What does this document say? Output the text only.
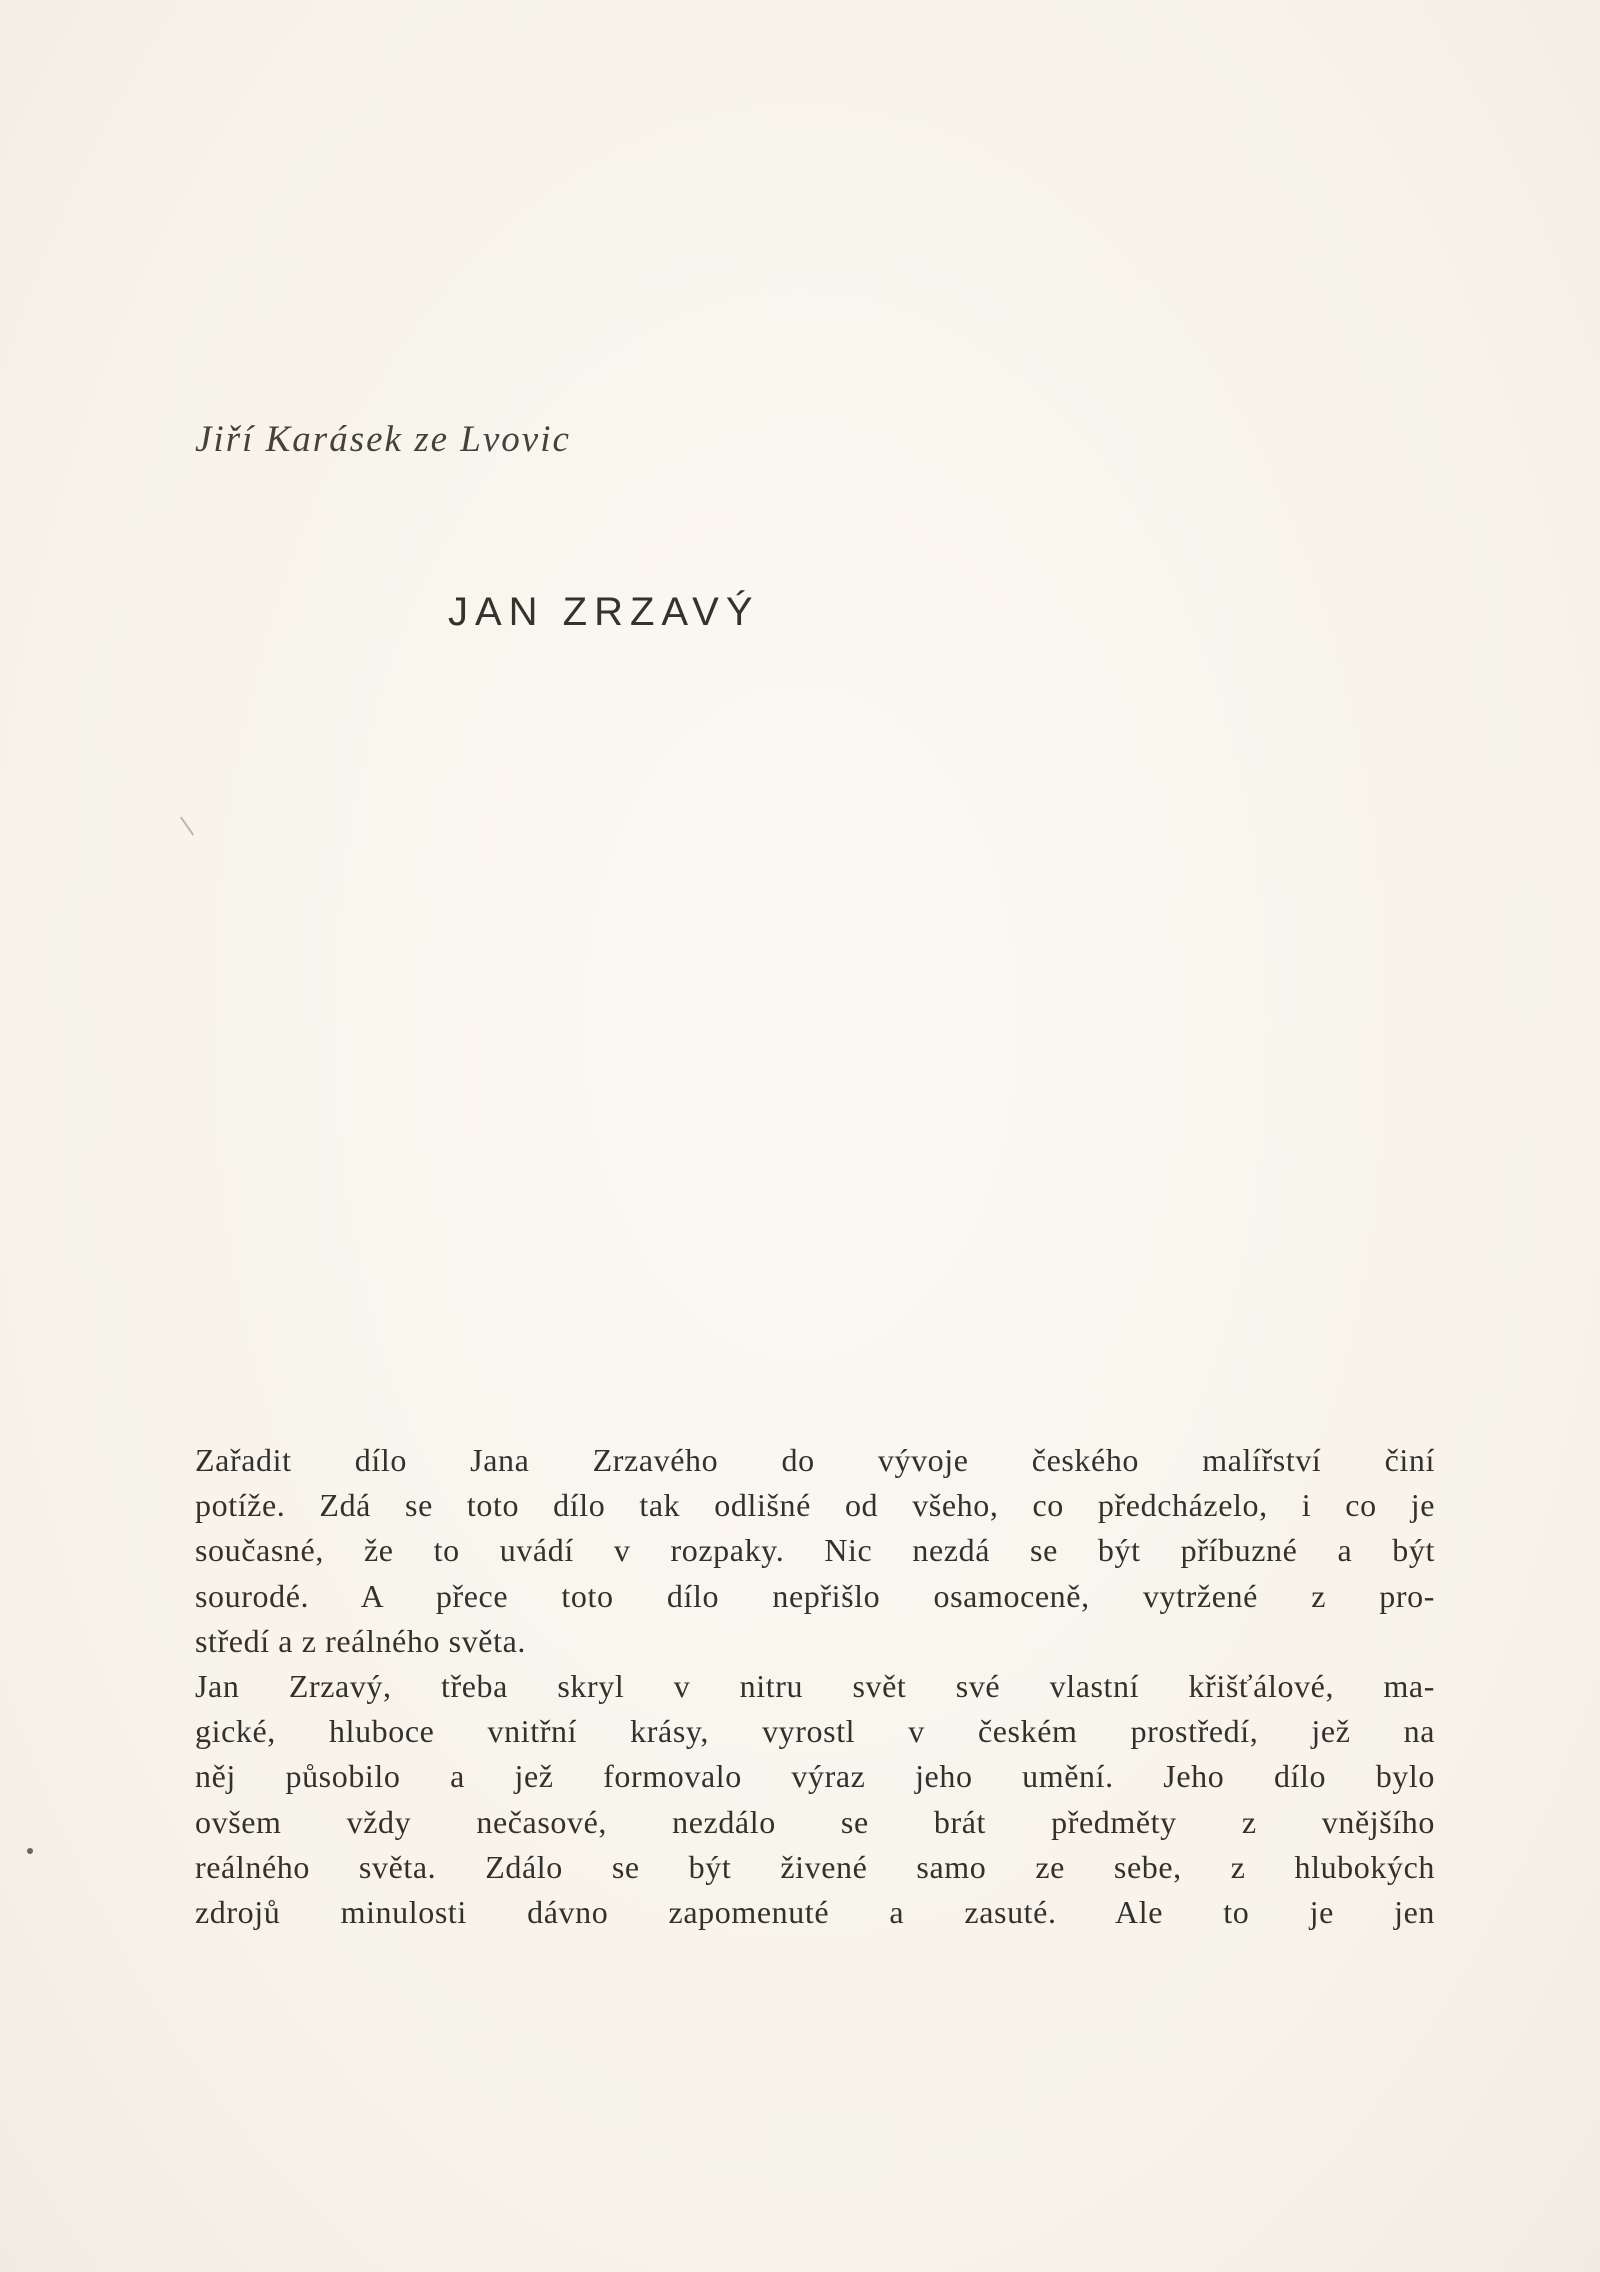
Jiří Karásek ze Lvovic
JAN ZRZAVÝ
Zařadit dílo Jana Zrzavého do vývoje českého malířství činí
potíže. Zdá se toto dílo tak odlišné od všeho, co předcházelo, i co je
současné, že to uvádí v rozpaky. Nic nezdá se být příbuzné a být
sourodé. A přece toto dílo nepřišlo osamoceně, vytržené z pro-
středí a z reálného světa.
Jan Zrzavý, třeba skryl v nitru svět své vlastní křišťálové, ma-
gické, hluboce vnitřní krásy, vyrostl v českém prostředí, jež na
něj působilo a jež formovalo výraz jeho umění. Jeho dílo bylo
ovšem vždy nečasové, nezdálo se brát předměty z vnějšího
reálného světa. Zdálo se být živené samo ze sebe, z hlubokých
zdrojů minulosti dávno zapomenuté a zasuté. Ale to je jen
